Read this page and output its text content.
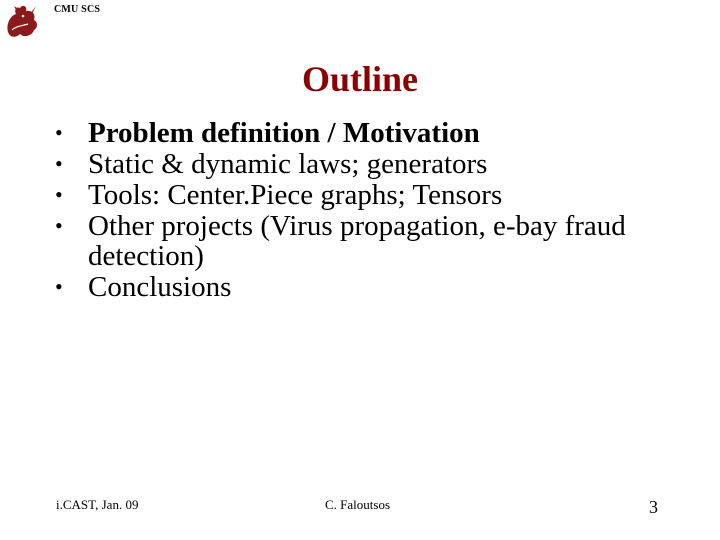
CMU SCS
Outline
• Problem definition / Motivation
• Static & dynamic laws; generators
• Tools: Center.Piece graphs; Tensors
• Other projects (Virus propagation, e-bay fraud detection)
• Conclusions
i.CAST, Jan. 09	C. Faloutsos	3
